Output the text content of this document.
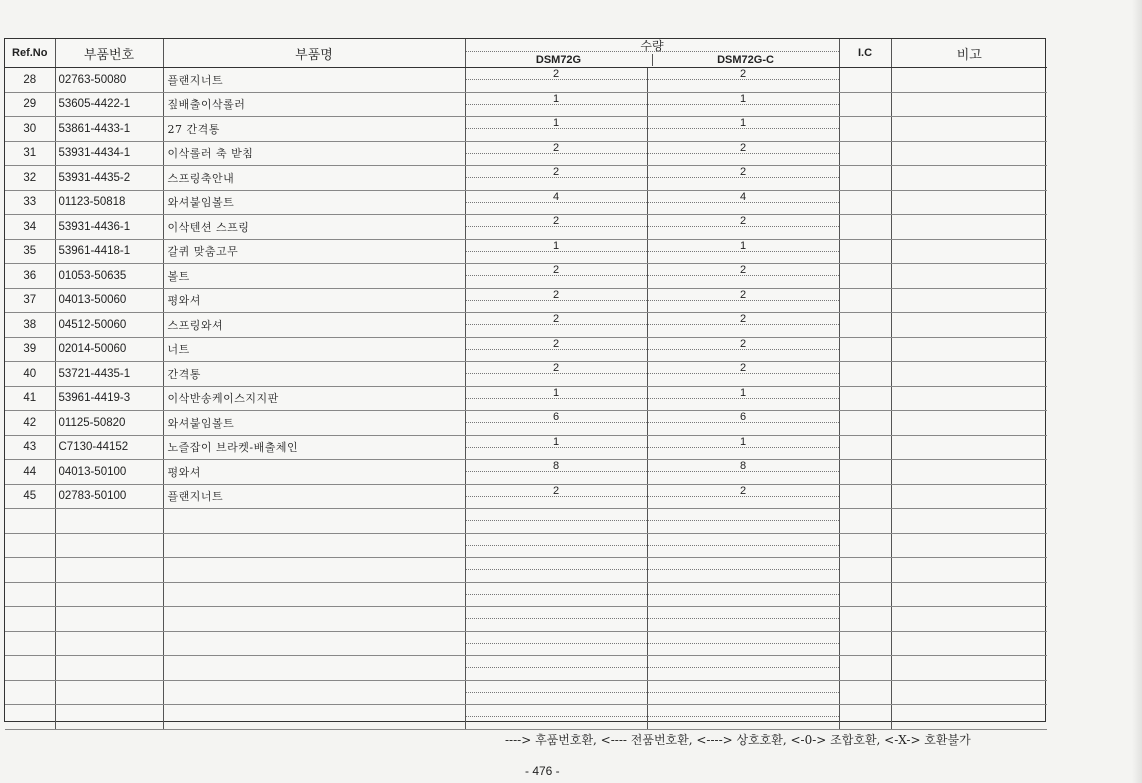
Ref.No	부품번호	부품명	수량
DSM72G DSM72G-C		I.C	비고
28	02763-50080	플랜지너트	2	2		

29	53605-4422-1	짚배출이삭롤러	1	1		

30	53861-4433-1	27 간격통	1	1		

31	53931-4434-1	이삭롤러 축 받침	2	2		

32	53931-4435-2	스프링축안내	2	2		

33	01123-50818	와셔붙임볼트	4	4		

34	53931-4436-1	이삭텐션 스프링	2	2		

35	53961-4418-1	갈퀴 맞춤고무	1	1		

36	01053-50635	볼트	2	2		

37	04013-50060	평와셔	2	2		

38	04512-50060	스프링와셔	2	2		

39	02014-50060	너트	2	2		

40	53721-4435-1	간격통	2	2		

41	53961-4419-3	이삭반송케이스지지판	1	1		

42	01125-50820	와셔붙임볼트	6	6		

43	C7130-44152	노즐잡이 브라켓-배출체인	1	1		

44	04013-50100	평와셔	8	8		

45	02783-50100	플랜지너트	2	2		

----> 후품번호환, <---- 전품번호환, <----> 상호호환, <-0-> 조합호환, <-X-> 호환불가
- 476 -
